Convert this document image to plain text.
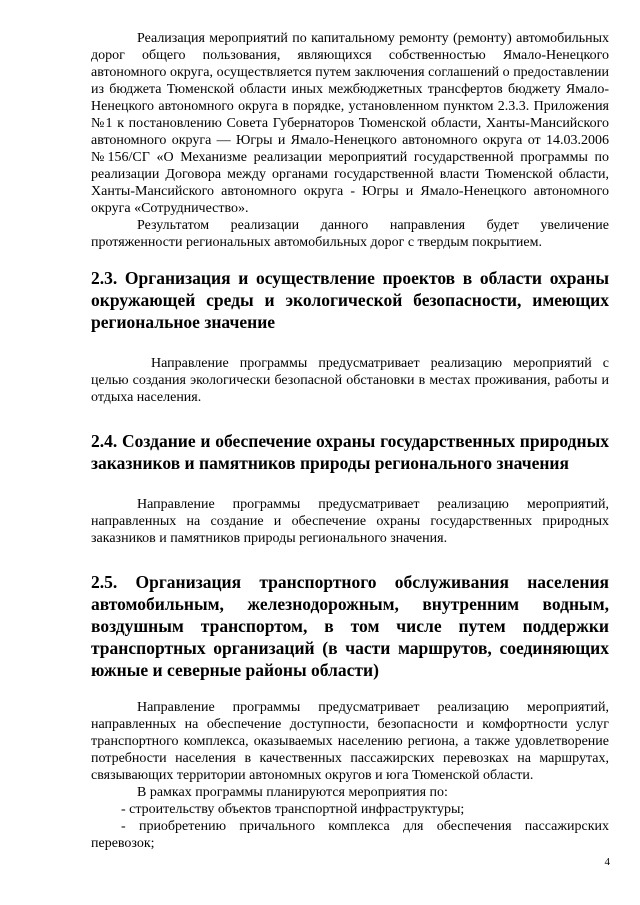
Реализация мероприятий по капитальному ремонту (ремонту) автомобильных дорог общего пользования, являющихся собственностью Ямало-Ненецкого автономного округа, осуществляется путем заключения соглашений о предоставлении из бюджета Тюменской области иных межбюджетных трансфертов бюджету Ямало-Ненецкого автономного округа в порядке, установленном пунктом 2.3.3. Приложения №1 к постановлению Совета Губернаторов Тюменской области, Ханты-Мансийского автономного округа — Югры и Ямало-Ненецкого автономного округа от 14.03.2006 №156/СГ «О Механизме реализации мероприятий государственной программы по реализации Договора между органами государственной власти Тюменской области, Ханты-Мансийского автономного округа - Югры и Ямало-Ненецкого автономного округа «Сотрудничество».

Результатом реализации данного направления будет увеличение протяженности региональных автомобильных дорог с твердым покрытием.

2.3. Организация и осуществление проектов в области охраны окружающей среды и экологической безопасности, имеющих региональное значение

Направление программы предусматривает реализацию мероприятий с целью создания экологически безопасной обстановки в местах проживания, работы и отдыха населения.

2.4. Создание и обеспечение охраны государственных природных заказников и памятников природы регионального значения

Направление программы предусматривает реализацию мероприятий, направленных на создание и обеспечение охраны государственных природных заказников и памятников природы регионального значения.

2.5. Организация транспортного обслуживания населения автомобильным, железнодорожным, внутренним водным, воздушным транспортом, в том числе путем поддержки транспортных организаций (в части маршрутов, соединяющих южные и северные районы области)

Направление программы предусматривает реализацию мероприятий, направленных на обеспечение доступности, безопасности и комфортности услуг транспортного комплекса, оказываемых населению региона, а также удовлетворение потребности населения в качественных пассажирских перевозках на маршрутах, связывающих территории автономных округов и юга Тюменской области.

В рамках программы планируются мероприятия по:

- строительству объектов транспортной инфраструктуры;

- приобретению причального комплекса для обеспечения пассажирских перевозок;

4
